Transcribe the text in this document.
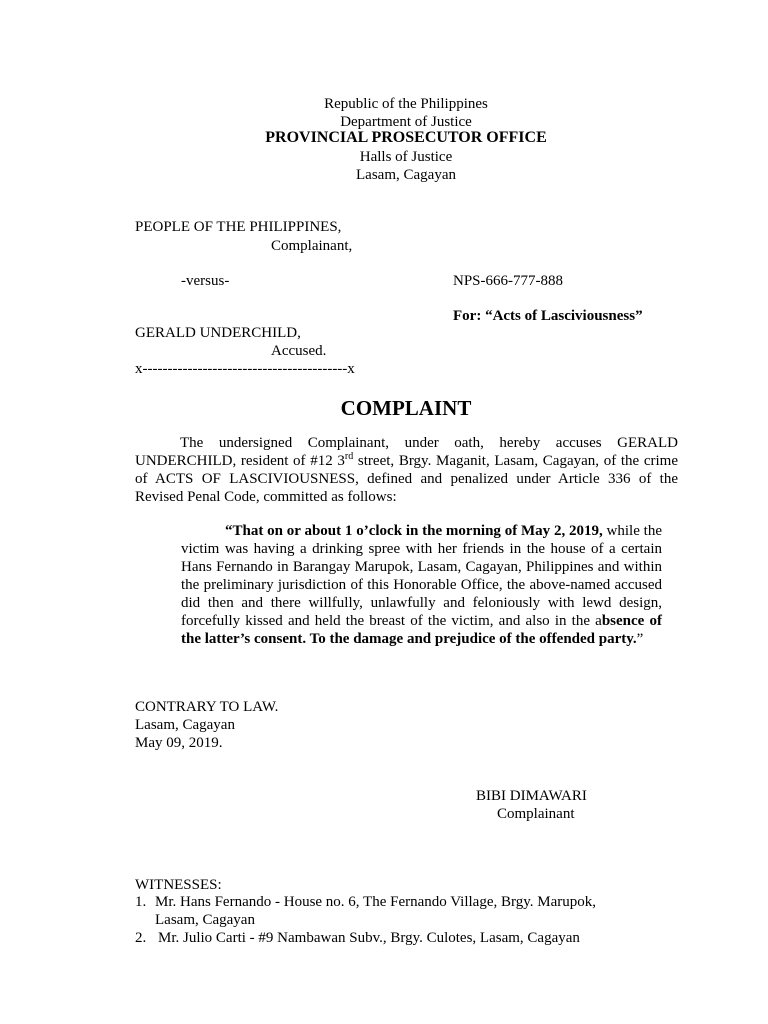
Republic of the Philippines
Department of Justice
PROVINCIAL PROSECUTOR OFFICE
Halls of Justice
Lasam, Cagayan
PEOPLE OF THE PHILIPPINES,
Complainant,
-versus-	NPS-666-777-888
For: “Acts of Lasciviousness”
GERALD UNDERCHILD,
Accused.
x-----------------------------------------x
COMPLAINT
The undersigned Complainant, under oath, hereby accuses GERALD UNDERCHILD, resident of #12 3rd street, Brgy. Maganit, Lasam, Cagayan, of the crime of ACTS OF LASCIVIOUSNESS, defined and penalized under Article 336 of the Revised Penal Code, committed as follows:
“That on or about 1 o’clock in the morning of May 2, 2019, while the victim was having a drinking spree with her friends in the house of a certain Hans Fernando in Barangay Marupok, Lasam, Cagayan, Philippines and within the preliminary jurisdiction of this Honorable Office, the above-named accused did then and there willfully, unlawfully and feloniously with lewd design, forcefully kissed and held the breast of the victim, and also in the absence of the latter’s consent. To the damage and prejudice of the offended party.”
CONTRARY TO LAW.
Lasam, Cagayan
May 09, 2019.
BIBI DIMAWARI
Complainant
WITNESSES:
1. Mr. Hans Fernando - House no. 6, The Fernando Village, Brgy. Marupok,
Lasam, Cagayan
2. Mr. Julio Carti - #9 Nambawan Subv., Brgy. Culotes, Lasam, Cagayan
